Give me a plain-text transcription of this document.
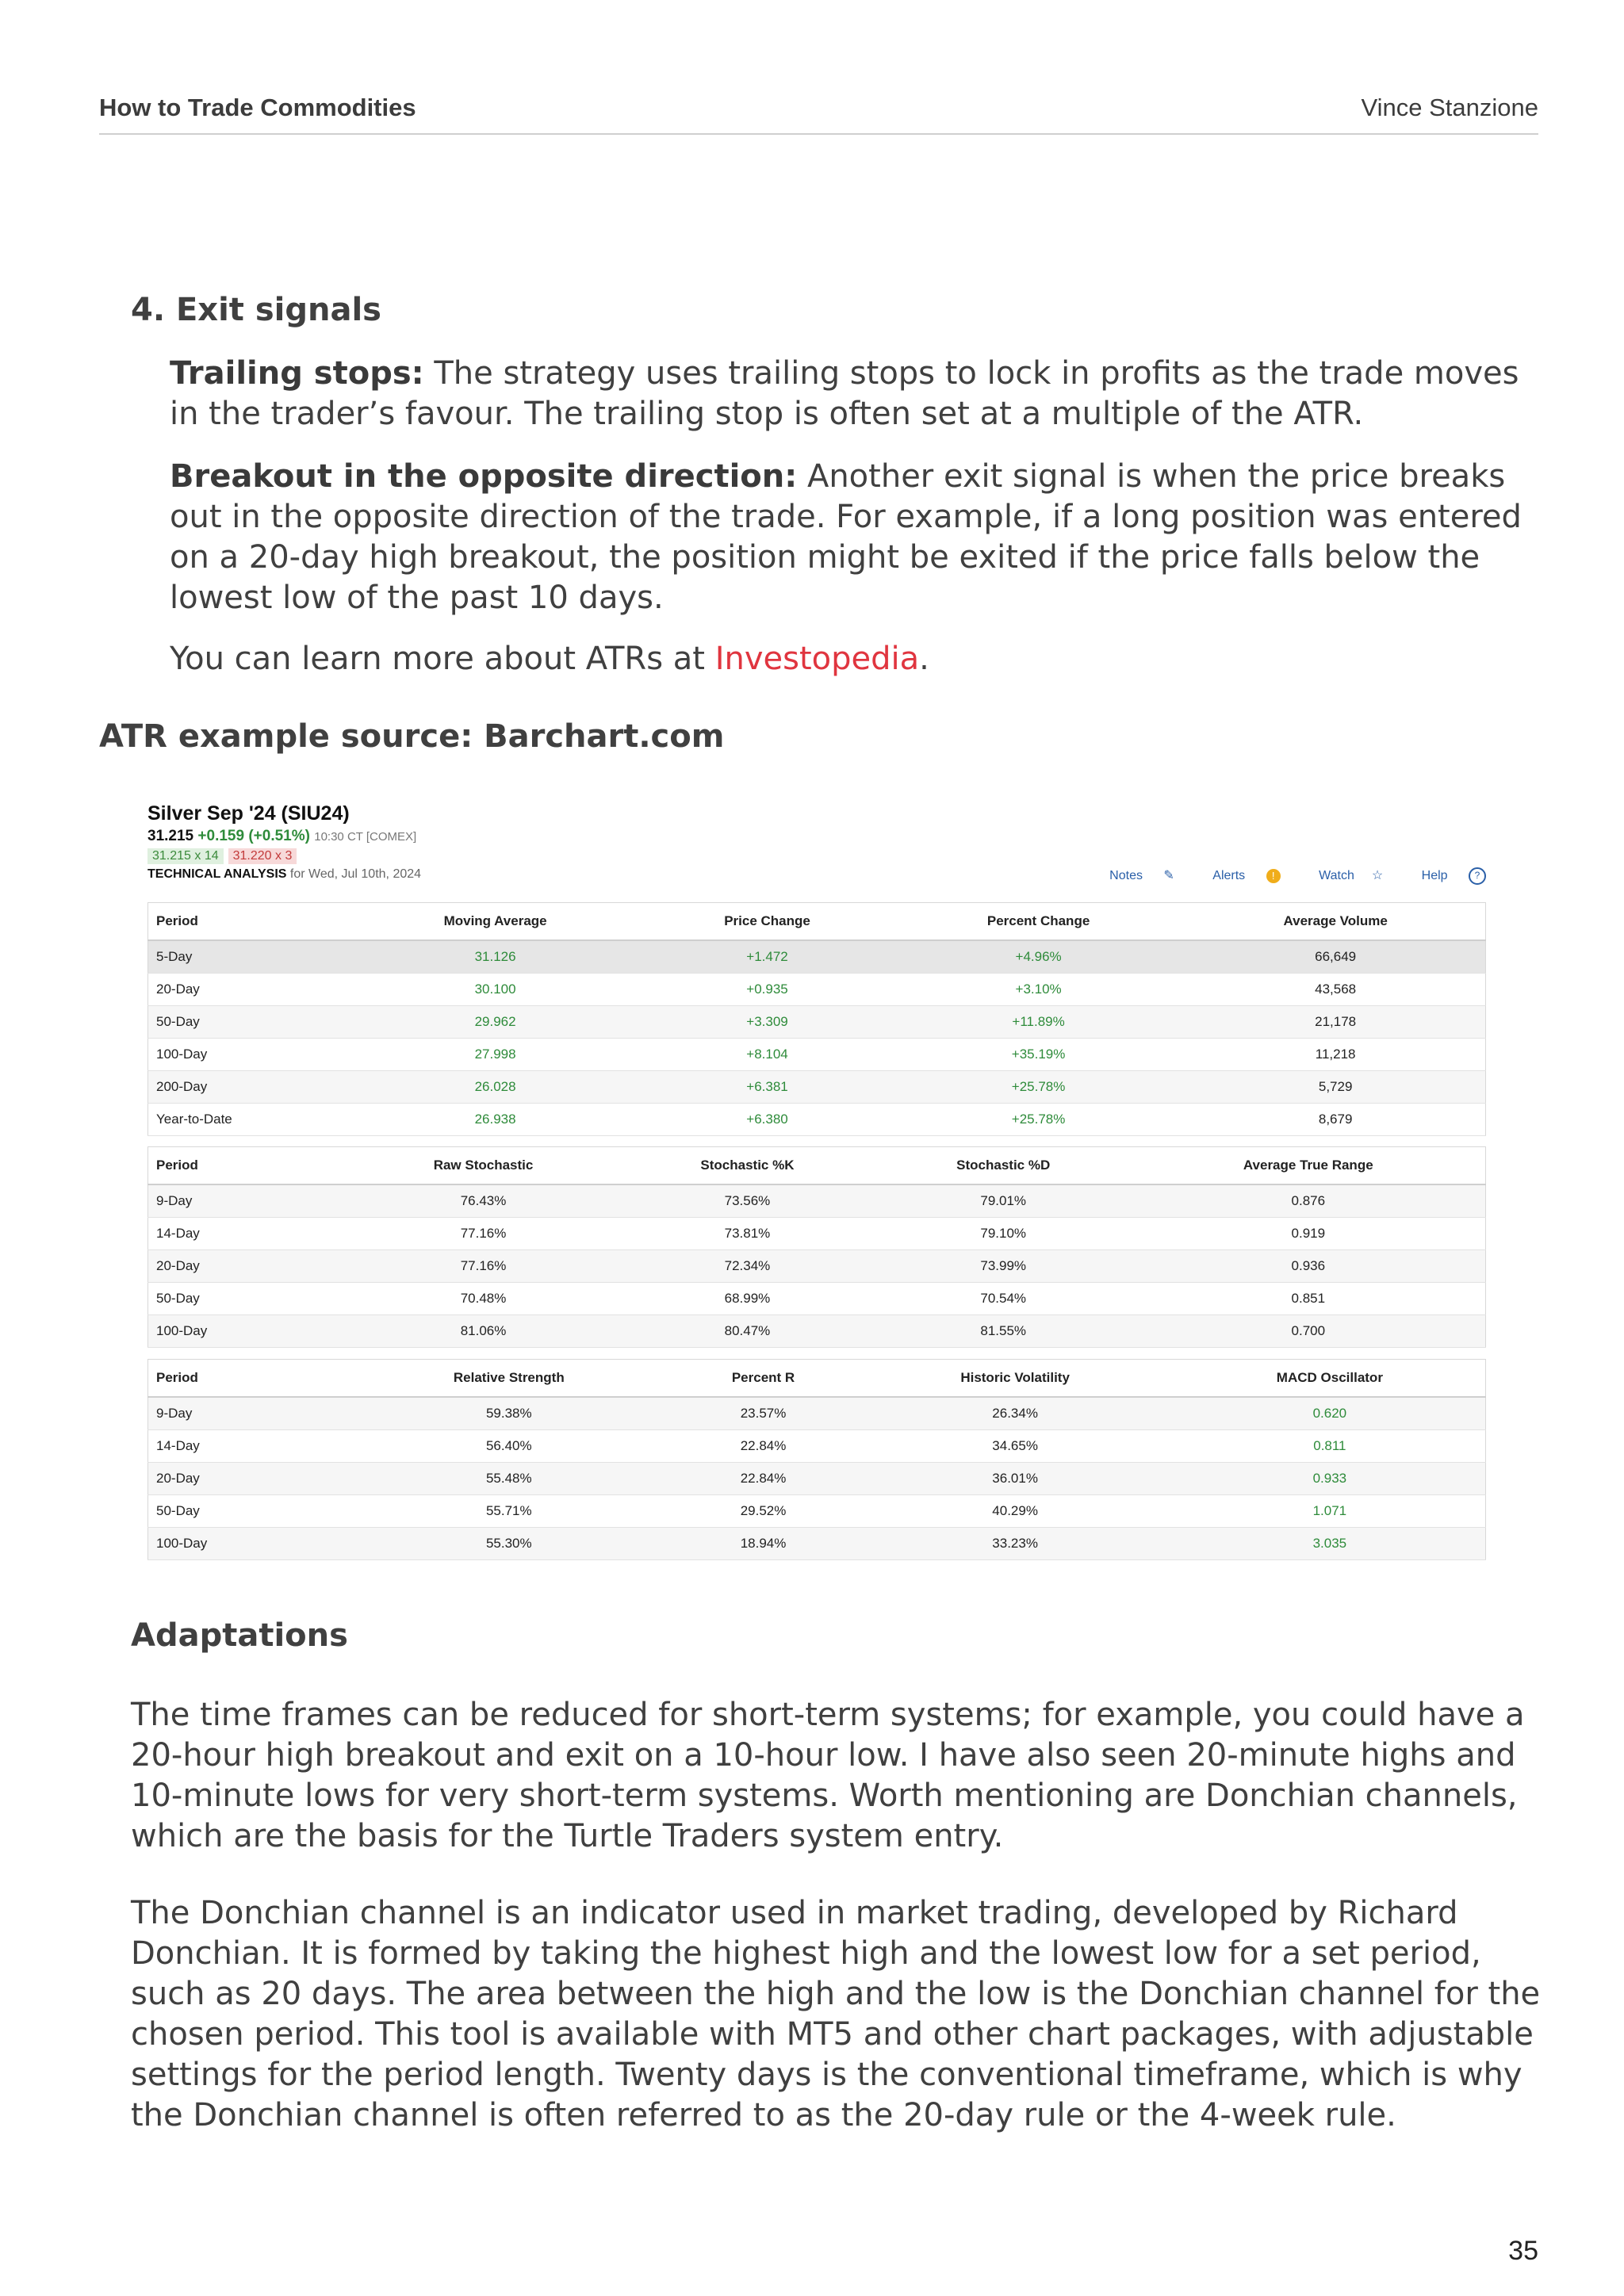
How to Trade Commodities	Vince Stanzione
4. Exit signals

Trailing stops: The strategy uses trailing stops to lock in profits as the trade moves in the trader’s favour. The trailing stop is often set at a multiple of the ATR.

Breakout in the opposite direction: Another exit signal is when the price breaks out in the opposite direction of the trade. For example, if a long position was entered on a 20-day high breakout, the position might be exited if the price falls below the lowest low of the past 10 days.

You can learn more about ATRs at Investopedia.

ATR example source: Barchart.com
Silver Sep '24 (SIU24)
31.215 +0.159 (+0.51%) 10:30 CT [COMEX]
31.215 x 14 31.220 x 3
TECHNICAL ANALYSIS for Wed, Jul 10th, 2024	Notes ✎	Alerts	!	Watch ☆	Help	?
Period	Moving Average	Price Change	Percent Change	Average Volume
5-Day	31.126	+1.472	+4.96%	66,649
20-Day	30.100	+0.935	+3.10%	43,568
50-Day	29.962	+3.309	+11.89%	21,178
100-Day	27.998	+8.104	+35.19%	11,218
200-Day	26.028	+6.381	+25.78%	5,729
Year-to-Date	26.938	+6.380	+25.78%	8,679
Period	Raw Stochastic	Stochastic %K	Stochastic %D	Average True Range
9-Day	76.43%	73.56%	79.01%	0.876
14-Day	77.16%	73.81%	79.10%	0.919
20-Day	77.16%	72.34%	73.99%	0.936
50-Day	70.48%	68.99%	70.54%	0.851
100-Day	81.06%	80.47%	81.55%	0.700
Period	Relative Strength	Percent R	Historic Volatility	MACD Oscillator
9-Day	59.38%	23.57%	26.34%	0.620
14-Day	56.40%	22.84%	34.65%	0.811
20-Day	55.48%	22.84%	36.01%	0.933
50-Day	55.71%	29.52%	40.29%	1.071
100-Day	55.30%	18.94%	33.23%	3.035
Adaptations

The time frames can be reduced for short-term systems; for example, you could have a 20-hour high breakout and exit on a 10-hour low. I have also seen 20-minute highs and 10-minute lows for very short-term systems. Worth mentioning are Donchian channels, which are the basis for the Turtle Traders system entry.

The Donchian channel is an indicator used in market trading, developed by Richard Donchian. It is formed by taking the highest high and the lowest low for a set period, such as 20 days. The area between the high and the low is the Donchian channel for the chosen period. This tool is available with MT5 and other chart packages, with adjustable settings for the period length. Twenty days is the conventional timeframe, which is why the Donchian channel is often referred to as the 20-day rule or the 4-week rule.

35
